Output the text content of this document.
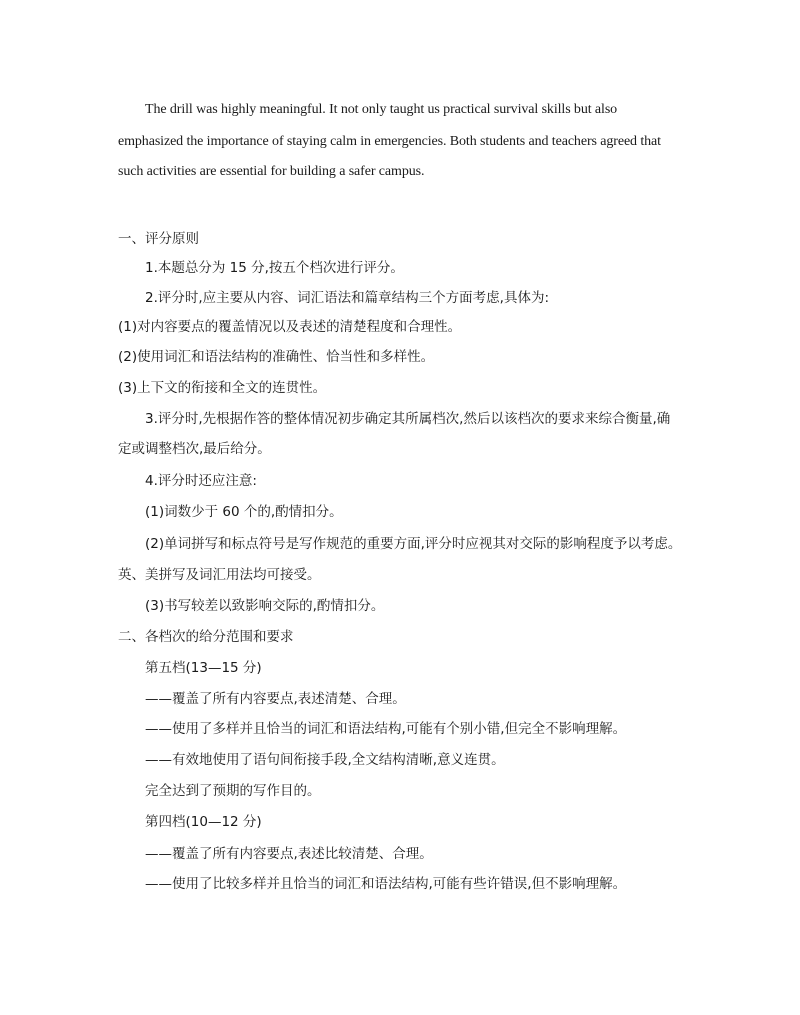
The drill was highly meaningful. It not only taught us practical survival skills but also
emphasized the importance of staying calm in emergencies. Both students and teachers agreed that
such activities are essential for building a safer campus.
一、评分原则
1.本题总分为 15 分,按五个档次进行评分。
2.评分时,应主要从内容、词汇语法和篇章结构三个方面考虑,具体为:
(1)对内容要点的覆盖情况以及表述的清楚程度和合理性。
(2)使用词汇和语法结构的准确性、恰当性和多样性。
(3)上下文的衔接和全文的连贯性。
3.评分时,先根据作答的整体情况初步确定其所属档次,然后以该档次的要求来综合衡量,确
定或调整档次,最后给分。
4.评分时还应注意:
(1)词数少于 60 个的,酌情扣分。
(2)单词拼写和标点符号是写作规范的重要方面,评分时应视其对交际的影响程度予以考虑。
英、美拼写及词汇用法均可接受。
(3)书写较差以致影响交际的,酌情扣分。
二、各档次的给分范围和要求
第五档(13—15 分)
——覆盖了所有内容要点,表述清楚、合理。
——使用了多样并且恰当的词汇和语法结构,可能有个别小错,但完全不影响理解。
——有效地使用了语句间衔接手段,全文结构清晰,意义连贯。
完全达到了预期的写作目的。
第四档(10—12 分)
——覆盖了所有内容要点,表述比较清楚、合理。
——使用了比较多样并且恰当的词汇和语法结构,可能有些许错误,但不影响理解。
